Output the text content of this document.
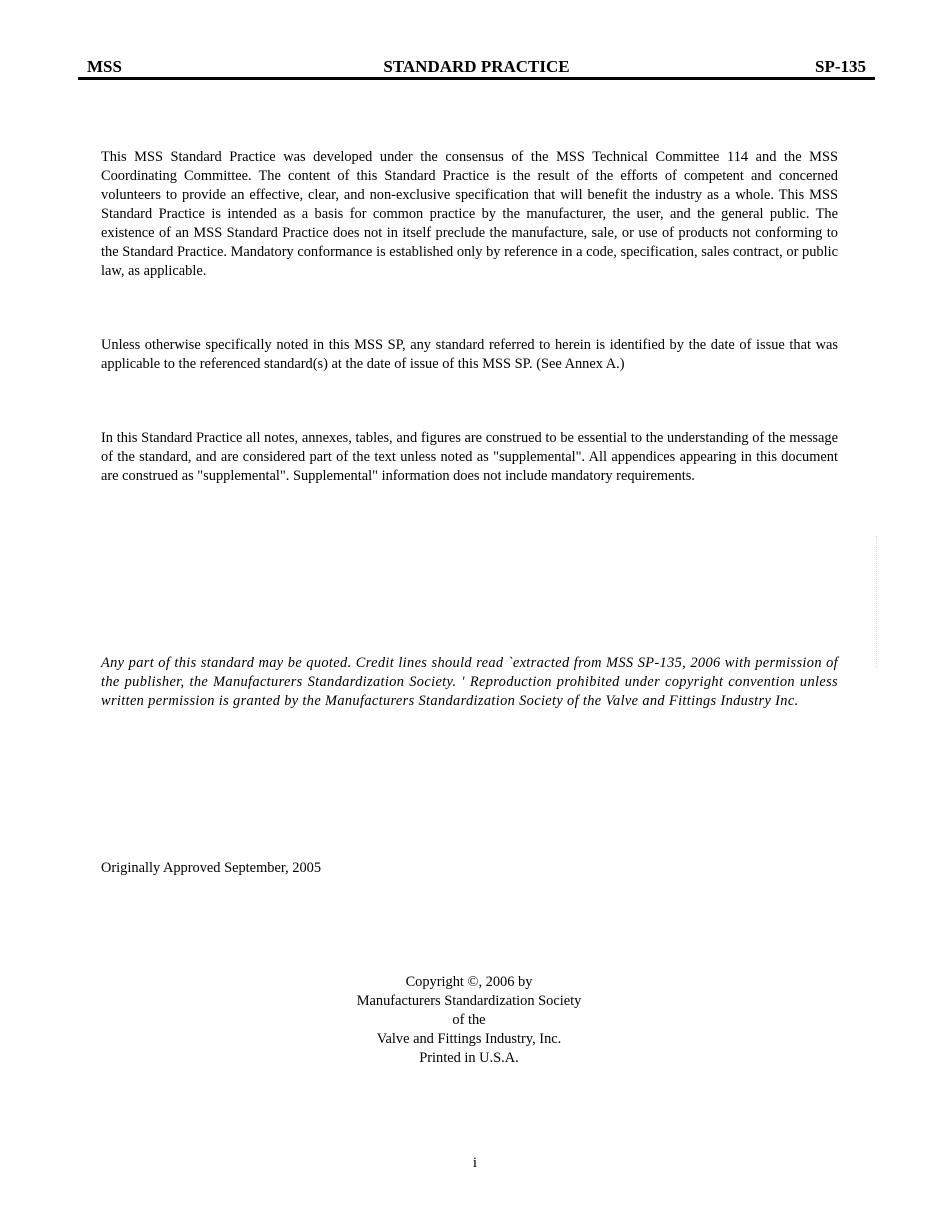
MSS	STANDARD PRACTICE	SP-135
This MSS Standard Practice was developed under the consensus of the MSS Technical Committee 114 and the MSS Coordinating Committee. The content of this Standard Practice is the result of the efforts of competent and concerned volunteers to provide an effective, clear, and non-exclusive specification that will benefit the industry as a whole. This MSS Standard Practice is intended as a basis for common practice by the manufacturer, the user, and the general public. The existence of an MSS Standard Practice does not in itself preclude the manufacture, sale, or use of products not conforming to the Standard Practice. Mandatory conformance is established only by reference in a code, specification, sales contract, or public law, as applicable.
Unless otherwise specifically noted in this MSS SP, any standard referred to herein is identified by the date of issue that was applicable to the referenced standard(s) at the date of issue of this MSS SP. (See Annex A.)
In this Standard Practice all notes, annexes, tables, and figures are construed to be essential to the understanding of the message of the standard, and are considered part of the text unless noted as "supplemental". All appendices appearing in this document are construed as "supplemental". Supplemental" information does not include mandatory requirements.
Any part of this standard may be quoted. Credit lines should read `extracted from MSS SP-135, 2006 with permission of the publisher, the Manufacturers Standardization Society. ' Reproduction prohibited under copyright convention unless written permission is granted by the Manufacturers Standardization Society of the Valve and Fittings Industry Inc.
Originally Approved September, 2005
Copyright ©, 2006 by
Manufacturers Standardization Society
of the
Valve and Fittings Industry, Inc.
Printed in U.S.A.
i
